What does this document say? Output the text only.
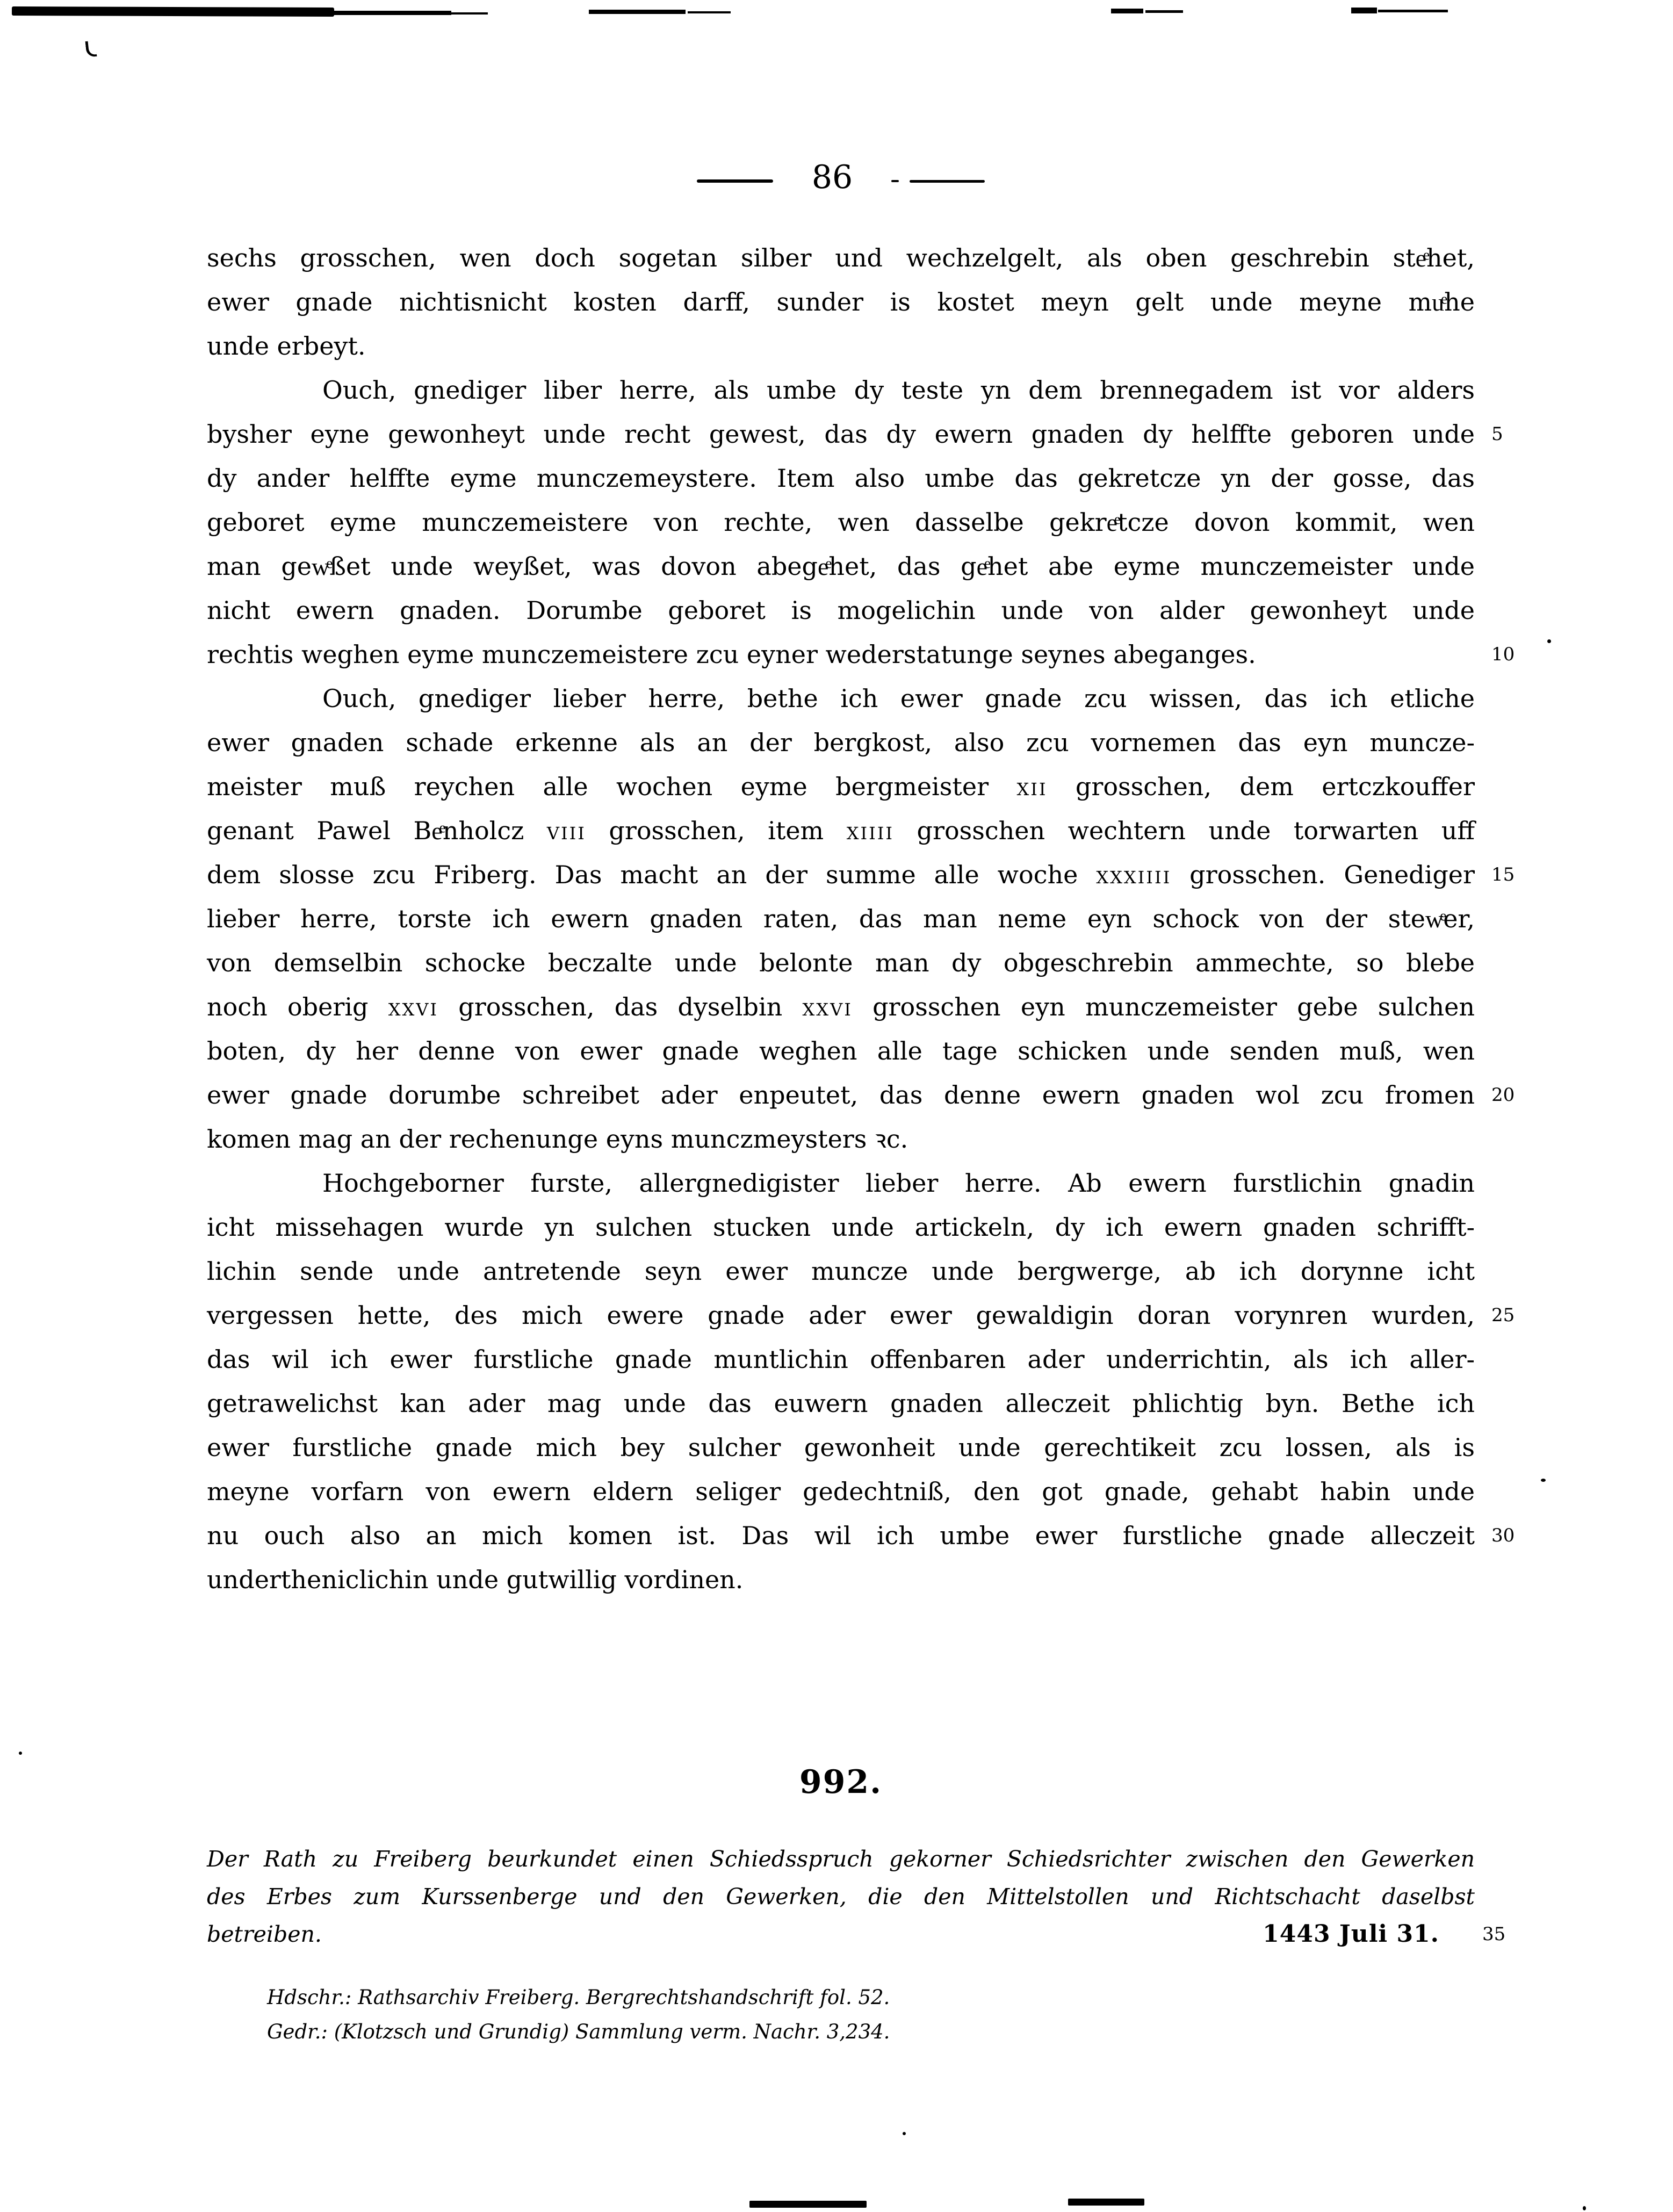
86
sechs grosschen, wen doch sogetan silber und wechzelgelt, als oben geschrebin steͤhet,
ewer gnade nichtisnicht kosten darff, sunder is kostet meyn gelt unde meyne muͤhe
unde erbeyt.
Ouch, gnediger liber herre, als umbe dy teste yn dem brennegadem ist vor alders
bysher eyne gewonheyt unde recht gewest, das dy ewern gnaden dy helffte geboren unde
dy ander helffte eyme munczemeystere. Item also umbe das gekretcze yn der gosse, das
geboret eyme munczemeistere von rechte, wen dasselbe gekreͤtcze dovon kommit, wen
man gewͤßet unde weyßet, was dovon abegeͤhet, das geͤhet abe eyme munczemeister unde
nicht ewern gnaden. Dorumbe geboret is mogelichin unde von alder gewonheyt unde
rechtis weghen eyme munczemeistere zcu eyner wederstatunge seynes abeganges.
Ouch, gnediger lieber herre, bethe ich ewer gnade zcu wissen, das ich etliche
ewer gnaden schade erkenne als an der bergkost, also zcu vornemen das eyn muncze-
meister muß reychen alle wochen eyme bergmeister xii grosschen, dem ertczkouffer
genant Pawel Beͤnholcz viii grosschen, item xiiii grosschen wechtern unde torwarten uff
dem slosse zcu Friberg. Das macht an der summe alle woche xxxiiii grosschen. Genediger
lieber herre, torste ich ewern gnaden raten, das man neme eyn schock von der stewͤer,
von demselbin schocke beczalte unde belonte man dy obgeschrebin ammechte, so blebe
noch oberig xxvi grosschen, das dyselbin xxvi grosschen eyn munczemeister gebe sulchen
boten, dy her denne von ewer gnade weghen alle tage schicken unde senden muß, wen
ewer gnade dorumbe schreibet ader enpeutet, das denne ewern gnaden wol zcu fromen
komen mag an der rechenunge eyns munczmeysters ꝛc.
Hochgeborner furste, allergnedigister lieber herre. Ab ewern furstlichin gnadin
icht missehagen wurde yn sulchen stucken unde artickeln, dy ich ewern gnaden schrifft-
lichin sende unde antretende seyn ewer muncze unde bergwerge, ab ich dorynne icht
vergessen hette, des mich ewere gnade ader ewer gewaldigin doran vorynren wurden,
das wil ich ewer furstliche gnade muntlichin offenbaren ader underrichtin, als ich aller-
getrawelichst kan ader mag unde das euwern gnaden alleczeit phlichtig byn. Bethe ich
ewer furstliche gnade mich bey sulcher gewonheit unde gerechtikeit zcu lossen, als is
meyne vorfarn von ewern eldern seliger gedechtniß, den got gnade, gehabt habin unde
nu ouch also an mich komen ist. Das wil ich umbe ewer furstliche gnade alleczeit
undertheniclichin unde gutwillig vordinen.
5
10
15
20
25
30
992.
Der Rath zu Freiberg beurkundet einen Schiedsspruch gekorner Schiedsrichter zwischen den Gewerken
des Erbes zum Kurssenberge und den Gewerken, die den Mittelstollen und Richtschacht daselbst
betreiben.	1443 Juli 31. 35
Hdschr.: Rathsarchiv Freiberg. Bergrechtshandschrift fol. 52.
Gedr.: (Klotzsch und Grundig) Sammlung verm. Nachr. 3,234.
